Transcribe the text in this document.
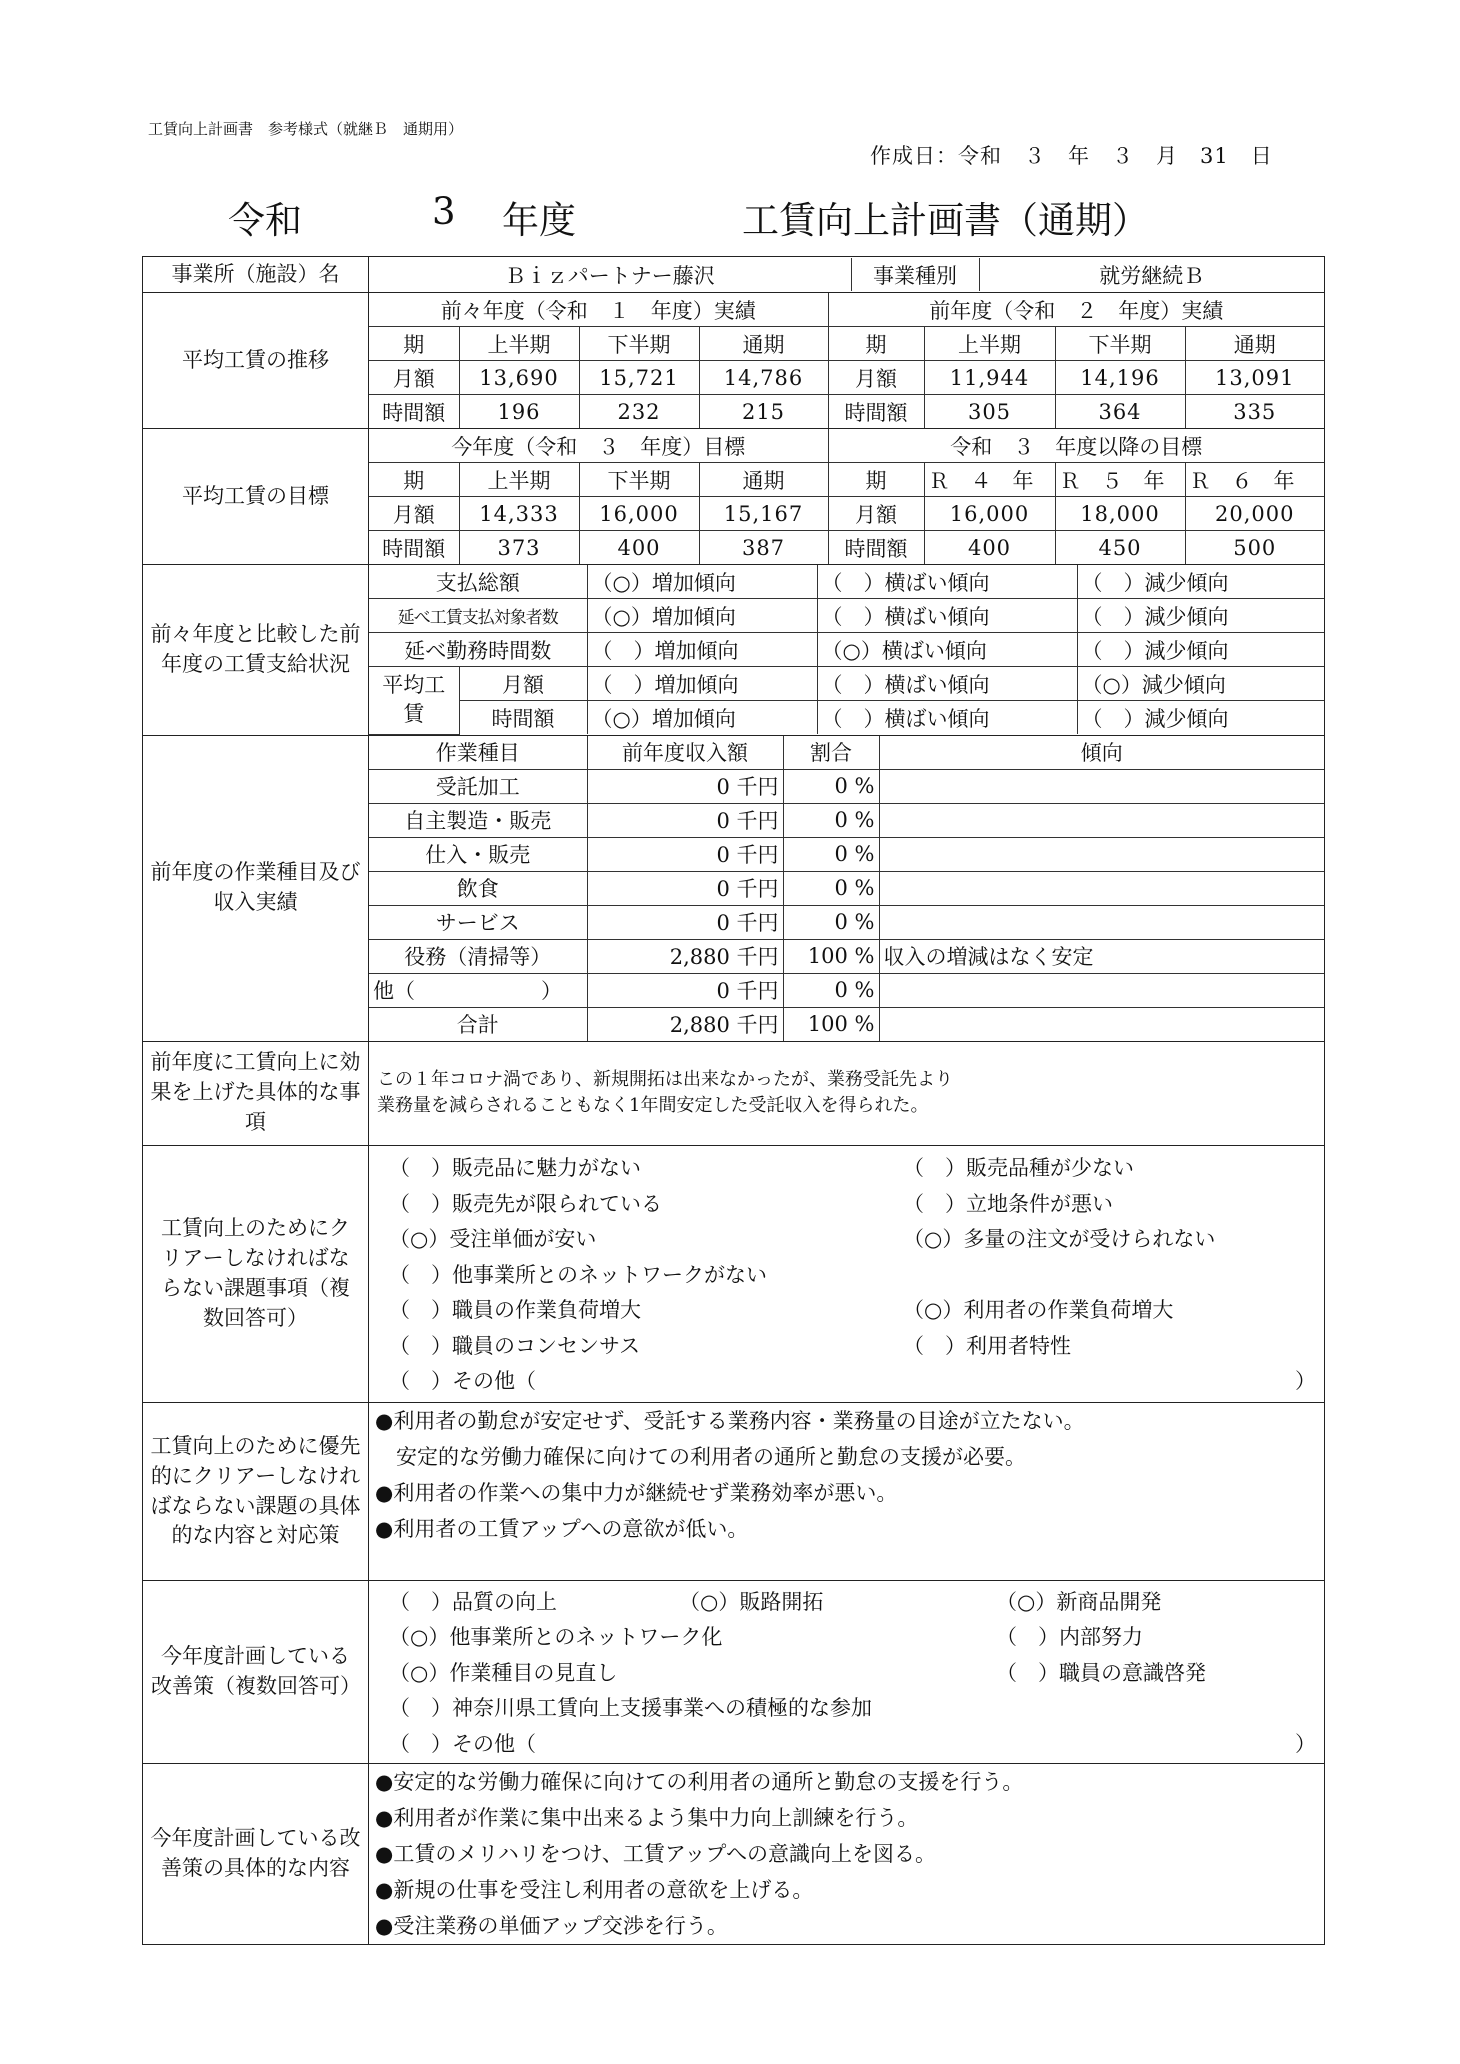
工賃向上計画書　参考様式（就継Ｂ　通期用）
作成日：令和　３　年　３　月　31　日
令和	3 年度	工賃向上計画書（通期）
事業所（施設）名		Ｂｉｚパートナー藤沢	事業種別	就労継続Ｂ

平均工賃の推移	
前々年度（令和　１　年度）実績	前年度（令和　２　年度）実績
期	上半期	下半期	通期	期	上半期	下半期	通期
月額	13,690	15,721	14,786	月額	11,944	14,196	13,091
時間額	196	232	215	時間額	305	364	335

平均工賃の目標	
今年度（令和　３　年度）目標	令和　３　年度以降の目標
期	上半期	下半期	通期	期	Ｒ　４　年	Ｒ　５　年	Ｒ　６　年
月額	14,333	16,000	15,167	月額	16,000	18,000	20,000
時間額	373	400	387	時間額	400	450	500

前々年度と比較した前年度の工賃支給状況	
支払総額	（○）増加傾向	（　）横ばい傾向	（　）減少傾向
延べ工賃支払対象者数	（○）増加傾向	（　）横ばい傾向	（　）減少傾向
延べ勤務時間数	（　）増加傾向	（○）横ばい傾向	（　）減少傾向
平均工賃	月額	（　）増加傾向	（　）横ばい傾向	（○）減少傾向
時間額	（○）増加傾向	（　）横ばい傾向	（　）減少傾向

前年度の作業種目及び収入実績	
作業種目	前年度収入額	割合	傾向
受託加工	0 千円	0 %	
自主製造・販売	0 千円	0 %	
仕入・販売	0 千円	0 %	
飲食	0 千円	0 %	
サービス	0 千円	0 %	
役務（清掃等）	2,880 千円	100 %	収入の増減はなく安定
他（　　　　　　）	0 千円	0 %	
合計	2,880 千円	100 %	

前年度に工賃向上に効果を上げた具体的な事項	
この１年コロナ渦であり、新規開拓は出来なかったが、業務受託先より
業務量を減らされることもなく1年間安定した受託収入を得られた。

工賃向上のためにクリアーしなければならない課題事項（複数回答可）	
（　）販売品に魅力がない	（　）販売品種が少ない
（　）販売先が限られている	（　）立地条件が悪い
（○）受注単価が安い	（○）多量の注文が受けられない
（　）他事業所とのネットワークがない
（　）職員の作業負荷増大	（○）利用者の作業負荷増大
（　）職員のコンセンサス	（　）利用者特性
（　）その他（	）

工賃向上のために優先的にクリアーしなければならない課題の具体的な内容と対応策	
●利用者の勤怠が安定せず、受託する業務内容・業務量の目途が立たない。
　安定的な労働力確保に向けての利用者の通所と勤怠の支援が必要。
●利用者の作業への集中力が継続せず業務効率が悪い。
●利用者の工賃アップへの意欲が低い。

今年度計画している改善策（複数回答可）	
（　）品質の向上	（○）販路開拓	（○）新商品開発
（○）他事業所とのネットワーク化	（　）内部努力
（○）作業種目の見直し	（　）職員の意識啓発
（　）神奈川県工賃向上支援事業への積極的な参加
（　）その他（	）

今年度計画している改善策の具体的な内容	
●安定的な労働力確保に向けての利用者の通所と勤怠の支援を行う。
●利用者が作業に集中出来るよう集中力向上訓練を行う。
●工賃のメリハリをつけ、工賃アップへの意識向上を図る。
●新規の仕事を受注し利用者の意欲を上げる。
●受注業務の単価アップ交渉を行う。
